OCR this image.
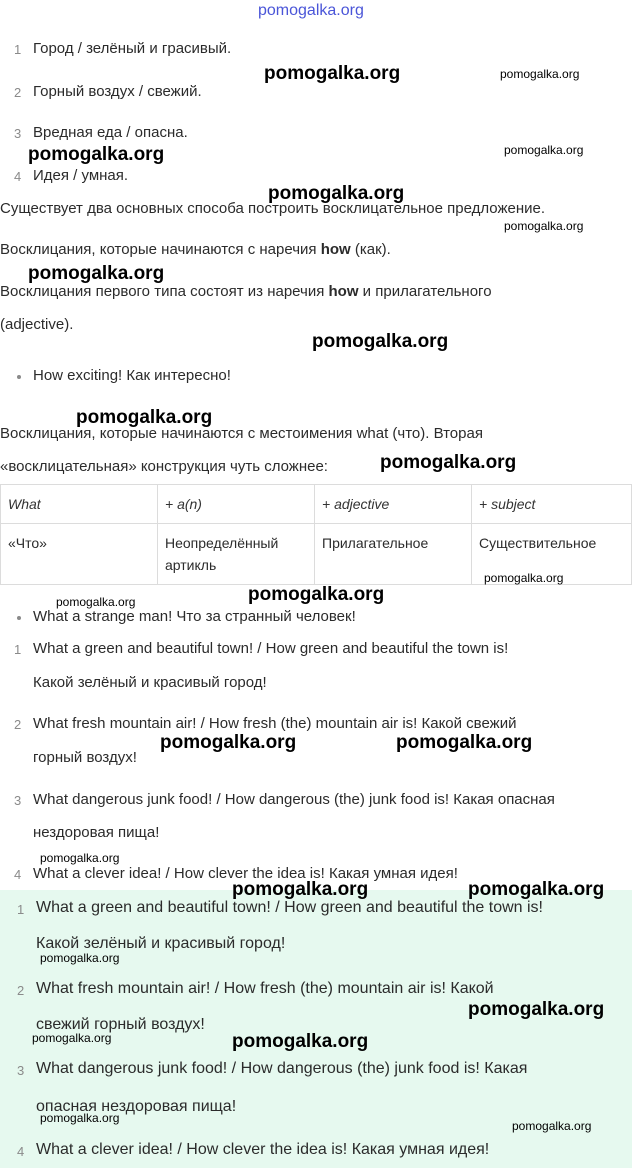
pomogalka.org
1 Город / зелёный и грасивый.
2 Горный воздух / свежий.
3 Вредная еда / опасна.
4 Идея / умная.
Существует два основных способа построить восклицательное предложение.
Восклицания, которые начинаются с наречия how (как).
Восклицания первого типа состоят из наречия how и прилагательного
(adjective).
How exciting! Как интересно!
Восклицания, которые начинаются с местоимения what (что). Вторая
«восклицательная» конструкция чуть сложнее:
What	+ a(n)	+ adjective	+ subject
«Что»	Неопределённый артикль	Прилагательное	Существительное
What a strange man! Что за странный человек!
1 What a green and beautiful town! / How green and beautiful the town is!
Какой зелёный и красивый город!
2 What fresh mountain air! / How fresh (the) mountain air is! Какой свежий
горный воздух!
3 What dangerous junk food! / How dangerous (the) junk food is! Какая опасная
нездоровая пища!
4 What a clever idea! / How clever the idea is! Какая умная идея!
1 What a green and beautiful town! / How green and beautiful the town is!
Какой зелёный и красивый город!
2 What fresh mountain air! / How fresh (the) mountain air is! Какой
свежий горный воздух!
3 What dangerous junk food! / How dangerous (the) junk food is! Какая
опасная нездоровая пища!
4 What a clever idea! / How clever the idea is! Какая умная идея!
pomogalka.org	pomogalka.org
pomogalka.org	pomogalka.org
pomogalka.org
pomogalka.org
pomogalka.org
pomogalka.org
pomogalka.org
pomogalka.org
pomogalka.org
pomogalka.org
pomogalka.org
pomogalka.org	pomogalka.org
pomogalka.org
pomogalka.org	pomogalka.org
pomogalka.org
pomogalka.org
pomogalka.org	pomogalka.org
pomogalka.org
pomogalka.org
